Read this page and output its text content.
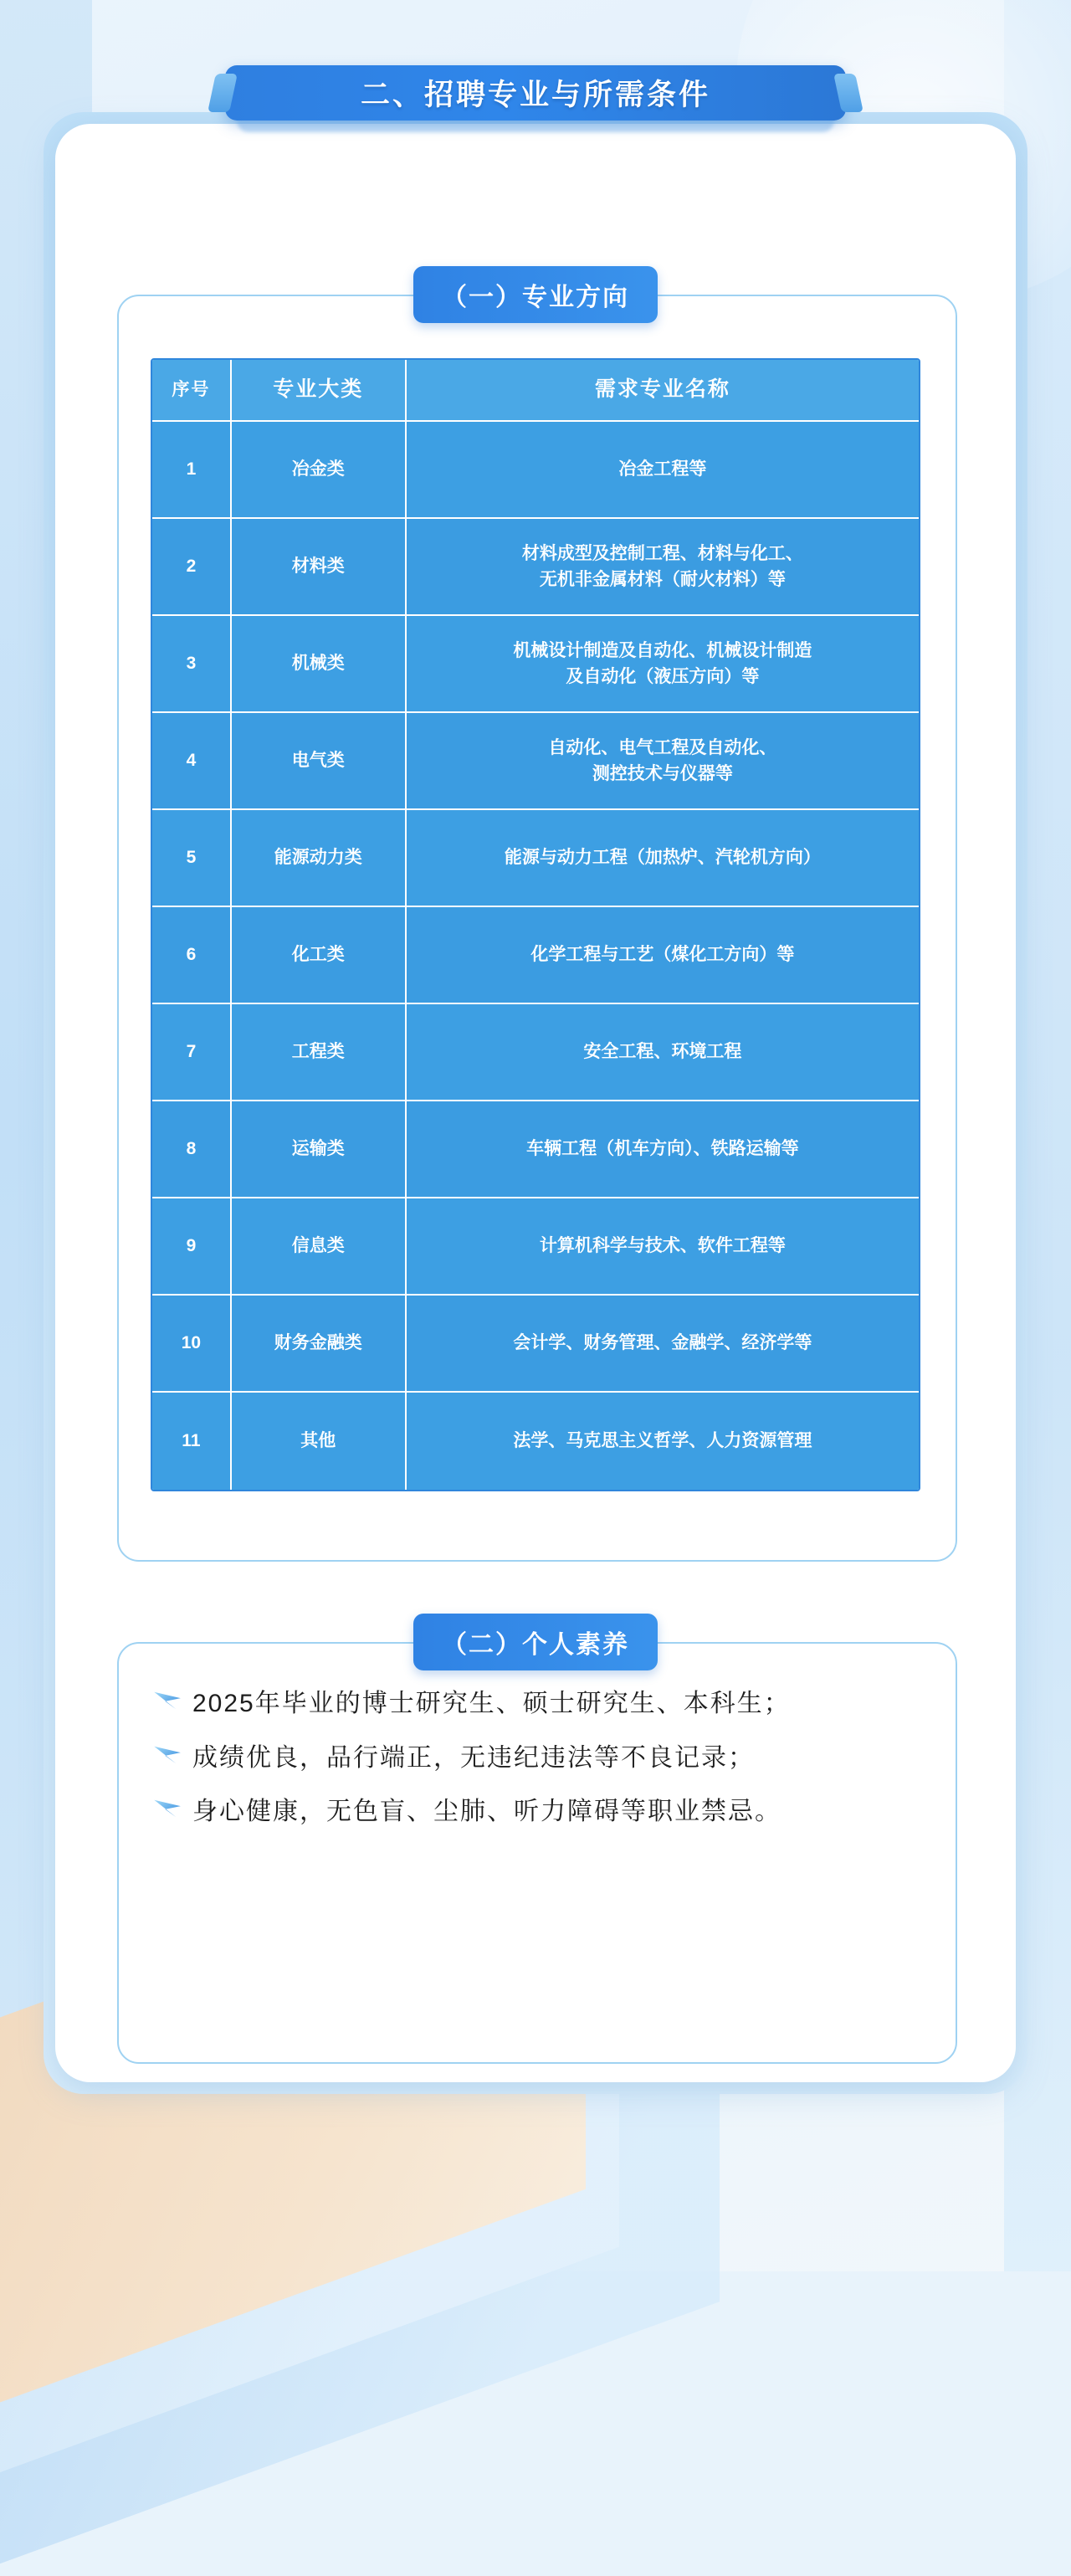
二、招聘专业与所需条件
（一）专业方向
（二）个人素养
序号	专业大类	需求专业名称
1	冶金类	冶金工程等
2	材料类	材料成型及控制工程、材料与化工、
无机非金属材料（耐火材料）等
3	机械类	机械设计制造及自动化、机械设计制造
及自动化（液压方向）等
4	电气类	自动化、电气工程及自动化、
测控技术与仪器等
5	能源动力类	能源与动力工程（加热炉、汽轮机方向）
6	化工类	化学工程与工艺（煤化工方向）等
7	工程类	安全工程、环境工程
8	运输类	车辆工程（机车方向）、铁路运输等
9	信息类	计算机科学与技术、软件工程等
10	财务金融类	会计学、财务管理、金融学、经济学等
11	其他	法学、马克思主义哲学、人力资源管理
2025年毕业的博士研究生、硕士研究生、本科生；
成绩优良，品行端正，无违纪违法等不良记录；
身心健康，无色盲、尘肺、听力障碍等职业禁忌。
